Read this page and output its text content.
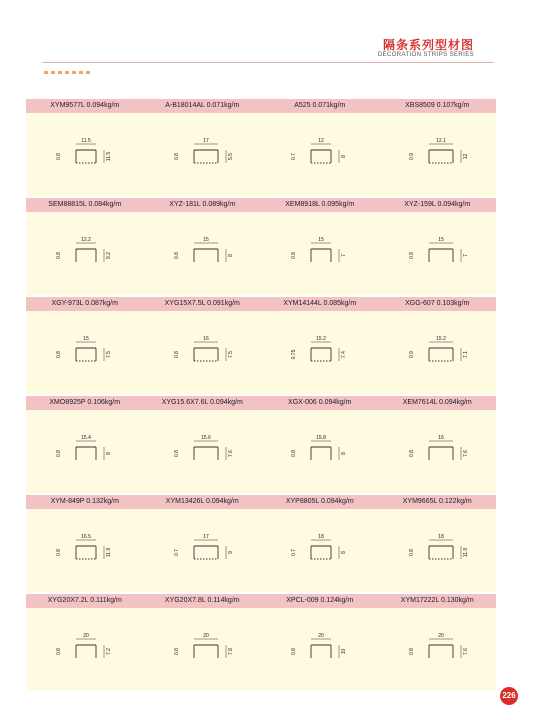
隔条系列型材图
DECORATION STRIPS SERIES
XYM9577L 0.094kg/m	A-B18014AL 0.071kg/m	A525 0.071kg/m	XBS8509 0.107kg/m
11.5
0.8	11.5
17
0.8	5.5
12
0.7	8
12.1
0.9	12
SEM88815L 0.084kg/m	XYZ-181L 0.089kg/m	XEM8918L 0.095kg/m	XYZ-159L 0.094kg/m
12.2
0.8	9.2
15
0.8	8
15
0.8	7
15
0.8	7
XGY-973L 0.087kg/m	XYG15X7.5L 0.091kg/m	XYM14144L 0.085kg/m	XGG-607 0.103kg/m
15
0.8	7.5
16
0.8	7.5
15.2
0.75	7.4
15.2
0.9	7.1
XMO8925P 0.106kg/m	XYG15.6X7.6L 0.094kg/m	XGX-006 0.094kg/m	XEM7614L 0.094kg/m
15.4
0.8	8
15.6
0.8	7.6
15.8
0.8	8
16
0.8	7.6
XYM-849P 0.132kg/m	XYM13426L 0.094kg/m	XYP8805L 0.094kg/m	XYM9665L 0.122kg/m
16.5
0.8	11.9
17
0.7	9
18
0.7	8
18
0.8	11.9
XYG20X7.2L 0.111kg/m	XYG20X7.8L 0.114kg/m	XPCL-009 0.124kg/m	XYM17222L 0.130kg/m
20
0.8	7.2
20
0.8	7.8
20
0.8	10
20
0.8	7.6
226
